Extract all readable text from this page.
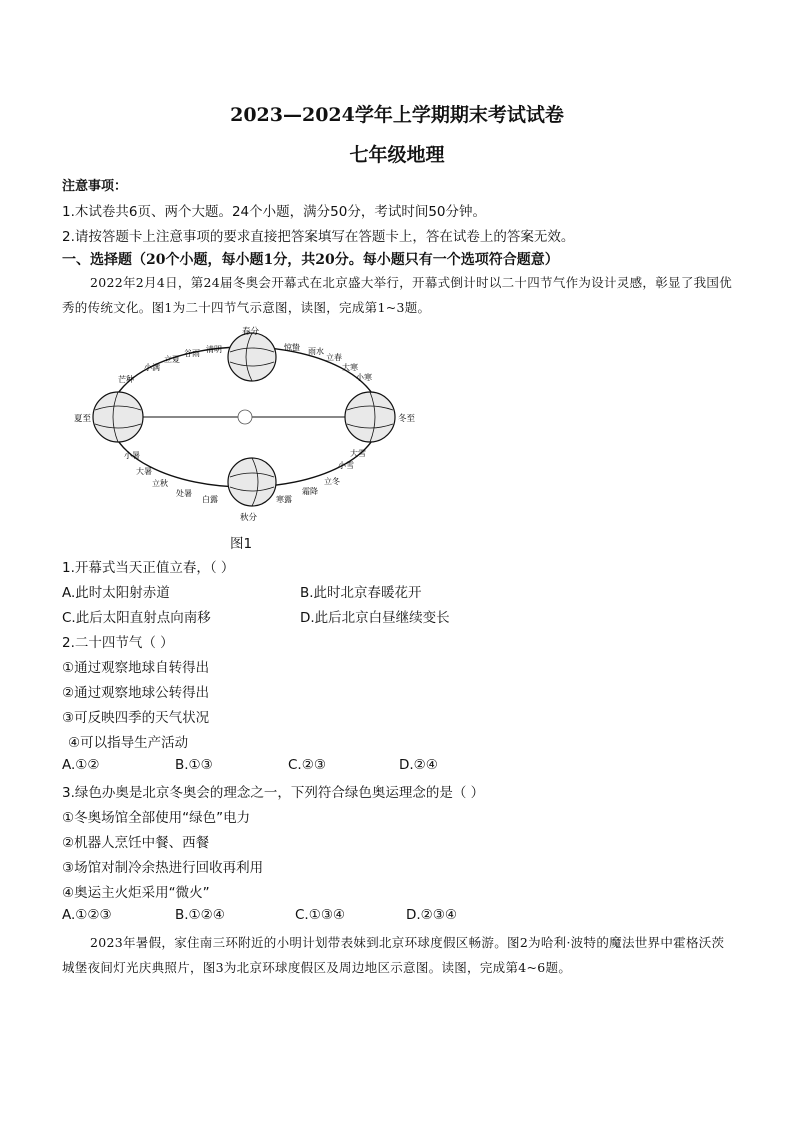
2023—2024学年上学期期末考试试卷
七年级地理
注意事项：
1.木试卷共6页、两个大题。24个小题，满分50分，考试时间50分钟。
2.请按答题卡上注意事项的要求直接把答案填写在答题卡上，答在试卷上的答案无效。
一、选择题（20个小题，每小题1分，共20分。每小题只有一个选项符合题意）
2022年2月4日，第24届冬奥会开幕式在北京盛大举行，开幕式倒计时以二十四节气作为设计灵感，彰显了我国优秀的传统文化。图1为二十四节气示意图，读图，完成第1~3题。
春分
清明
谷雨
立夏
小满
芒种
夏至
小暑
大暑
立秋
处暑
白露
秋分
寒露
霜降
立冬
小雪
大雪
冬至
小寒
大寒
立春
雨水
惊蛰
图1
1.开幕式当天正值立春，（ ）
A.此时太阳射赤道	B.此时北京春暖花开
C.此后太阳直射点向南移	D.此后北京白昼继续变长
2.二十四节气（ ）
①通过观察地球自转得出
②通过观察地球公转得出
③可反映四季的天气状况
④可以指导生产活动
A.①②	B.①③	C.②③	D.②④
3.绿色办奥是北京冬奥会的理念之一，下列符合绿色奥运理念的是（ ）
①冬奥场馆全部使用“绿色”电力
②机器人烹饪中餐、西餐
③场馆对制冷余热进行回收再利用
④奥运主火炬采用“微火”
A.①②③	B.①②④	C.①③④	D.②③④
2023年暑假，家住南三环附近的小明计划带表妹到北京环球度假区畅游。图2为哈利·波特的魔法世界中霍格沃茨城堡夜间灯光庆典照片，图3为北京环球度假区及周边地区示意图。读图，完成第4~6题。
